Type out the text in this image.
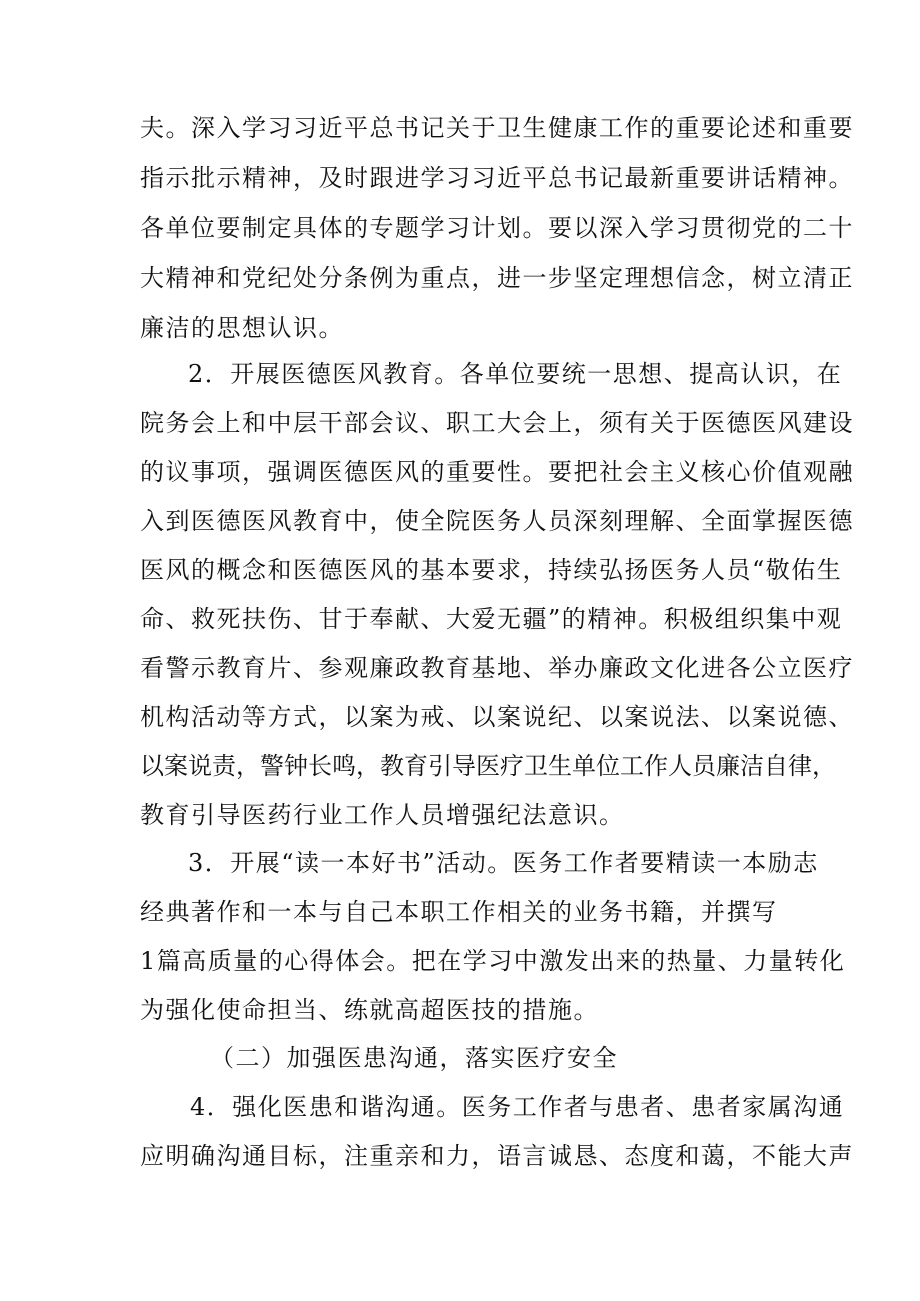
夫。深入学习习近平总书记关于卫生健康工作的重要论述和重要
指示批示精神，及时跟进学习习近平总书记最新重要讲话精神。
各单位要制定具体的专题学习计划。要以深入学习贯彻党的二十
大精神和党纪处分条例为重点，进一步坚定理想信念，树立清正
廉洁的思想认识。
2．开展医德医风教育。各单位要统一思想、提高认识，在
院务会上和中层干部会议、职工大会上，须有关于医德医风建设
的议事项，强调医德医风的重要性。要把社会主义核心价值观融
入到医德医风教育中，使全院医务人员深刻理解、全面掌握医德
医风的概念和医德医风的基本要求，持续弘扬医务人员“敬佑生
命、救死扶伤、甘于奉献、大爱无疆”的精神。积极组织集中观
看警示教育片、参观廉政教育基地、举办廉政文化进各公立医疗
机构活动等方式，以案为戒、以案说纪、以案说法、以案说德、
以案说责，警钟长鸣，教育引导医疗卫生单位工作人员廉洁自律，
教育引导医药行业工作人员增强纪法意识。
3．开展“读一本好书”活动。医务工作者要精读一本励志
经典著作和一本与自己本职工作相关的业务书籍，并撰写
1篇高质量的心得体会。把在学习中激发出来的热量、力量转化
为强化使命担当、练就高超医技的措施。
（二）加强医患沟通，落实医疗安全
4．强化医患和谐沟通。医务工作者与患者、患者家属沟通
应明确沟通目标，注重亲和力，语言诚恳、态度和蔼，不能大声
